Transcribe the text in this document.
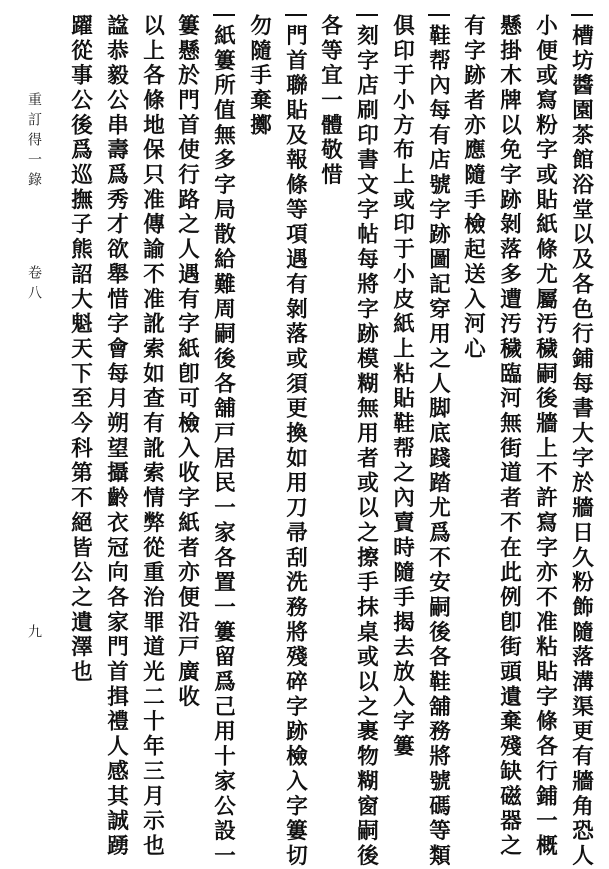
槽坊醬園茶館浴堂以及各色行鋪每書大字於牆日久粉飾隨落溝渠更有牆角恐人
小便或寫粉字或貼紙條尤屬汚穢嗣後牆上不許寫字亦不准粘貼字條各行鋪一概
懸掛木牌以免字跡剝落多遭汚穢臨河無街道者不在此例卽街頭遺棄殘缺磁器之
有字跡者亦應隨手檢起送入河心
鞋帮內每有店號字跡圖記穿用之人脚底踐踏尤爲不安嗣後各鞋舖務將號碼等類
俱印于小方布上或印于小皮紙上粘貼鞋帮之內賣時隨手揭去放入字簍
刻字店刷印書文字帖每將字跡模糊無用者或以之擦手抹桌或以之裹物糊窗嗣後
各等宜一體敬惜
門首聯貼及報條等項遇有剝落或須更換如用刀帚刮洗務將殘碎字跡檢入字簍切
勿隨手棄擲
紙簍所值無多字局散給難周嗣後各舖戸居民一家各置一簍留爲己用十家公設一
簍懸於門首使行路之人遇有字紙卽可檢入收字紙者亦便沿戸廣收
以上各條地保只准傳諭不准訛索如查有訛索情弊從重治罪道光二十年三月示也
諡恭毅公串壽爲秀才欲舉惜字會每月朔望攝齡衣冠向各家門首揖禮人感其誠踴
躍從事公後爲巡撫子熊詔大魁天下至今科第不絕皆公之遺澤也
重訂得一錄
卷八
九
